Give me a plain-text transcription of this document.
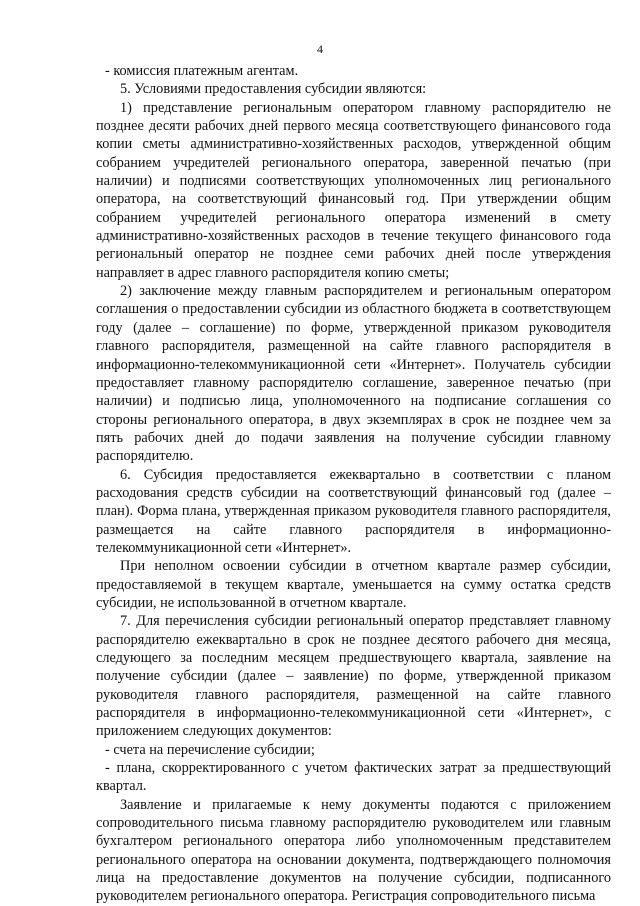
4

- комиссия платежным агентам.

5. Условиями предоставления субсидии являются:

1) представление региональным оператором главному распорядителю не позднее десяти рабочих дней первого месяца соответствующего финансового года копии сметы административно-хозяйственных расходов, утвержденной общим собранием учредителей регионального оператора, заверенной печатью (при наличии) и подписями соответствующих уполномоченных лиц регионального оператора, на соответствующий финансовый год. При утверждении общим собранием учредителей регионального оператора изменений в смету административно-хозяйственных расходов в течение текущего финансового года региональный оператор не позднее семи рабочих дней после утверждения направляет в адрес главного распорядителя копию сметы;

2) заключение между главным распорядителем и региональным оператором соглашения о предоставлении субсидии из областного бюджета в соответствующем году (далее – соглашение) по форме, утвержденной приказом руководителя главного распорядителя, размещенной на сайте главного распорядителя в информационно-телекоммуникационной сети «Интернет». Получатель субсидии предоставляет главному распорядителю соглашение, заверенное печатью (при наличии) и подписью лица, уполномоченного на подписание соглашения со стороны регионального оператора, в двух экземплярах в срок не позднее чем за пять рабочих дней до подачи заявления на получение субсидии главному распорядителю.

6. Субсидия предоставляется ежеквартально в соответствии с планом расходования средств субсидии на соответствующий финансовый год (далее – план). Форма плана, утвержденная приказом руководителя главного распорядителя, размещается на сайте главного распорядителя в информационно-телекоммуникационной сети «Интернет».

При неполном освоении субсидии в отчетном квартале размер субсидии, предоставляемой в текущем квартале, уменьшается на сумму остатка средств субсидии, не использованной в отчетном квартале.

7. Для перечисления субсидии региональный оператор представляет главному распорядителю ежеквартально в срок не позднее десятого рабочего дня месяца, следующего за последним месяцем предшествующего квартала, заявление на получение субсидии (далее – заявление) по форме, утвержденной приказом руководителя главного распорядителя, размещенной на сайте главного распорядителя в информационно-телекоммуникационной сети «Интернет», с приложением следующих документов:

- счета на перечисление субсидии;

- плана, скорректированного с учетом фактических затрат за предшествующий квартал.

Заявление и прилагаемые к нему документы подаются с приложением сопроводительного письма главному распорядителю руководителем или главным бухгалтером регионального оператора либо уполномоченным представителем регионального оператора на основании документа, подтверждающего полномочия лица на предоставление документов на получение субсидии, подписанного руководителем регионального оператора. Регистрация сопроводительного письма
